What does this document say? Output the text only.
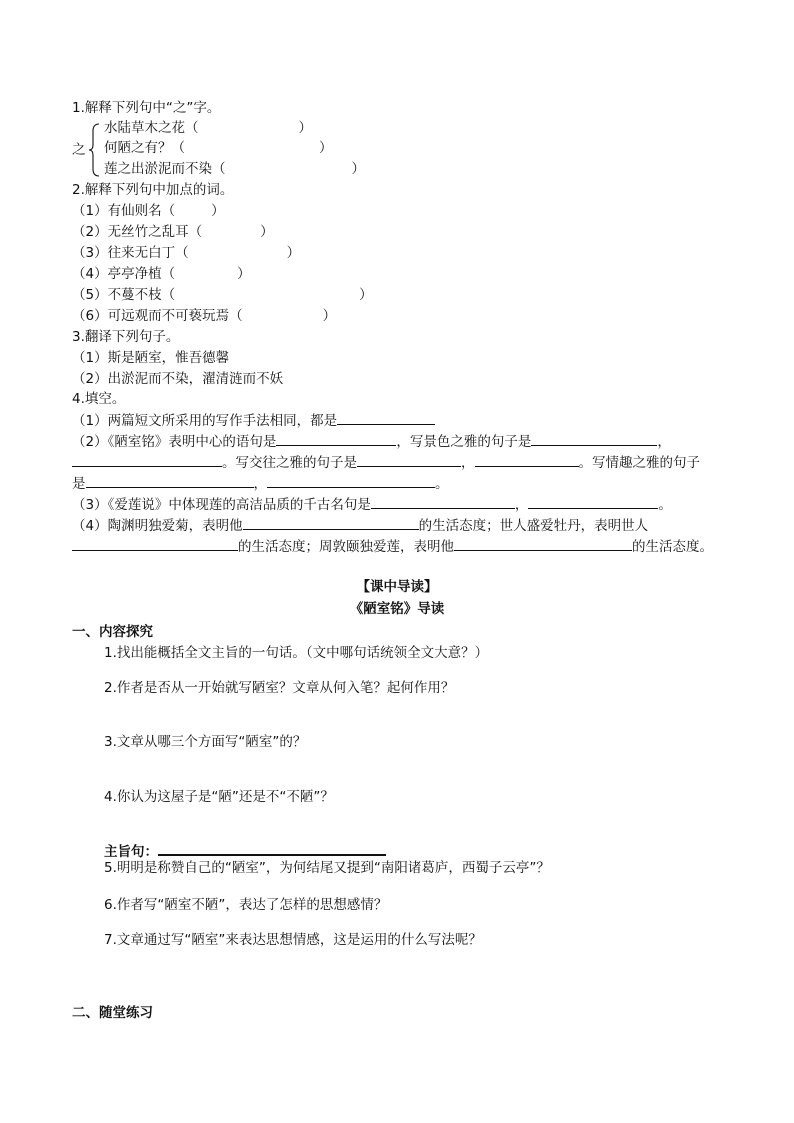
1.解释下列句中“之”字。
之
水陆草木之花（	）
何陋之有？（	）
莲之出淤泥而不染（	）
2.解释下列句中加点的词。
（1）有仙则名（	）
（2）无丝竹之乱耳（	）
（3）往来无白丁（	）
（4）亭亭净植（	）
（5）不蔓不枝（	）
（6）可远观而不可亵玩焉（	）
3.翻译下列句子。
（1）斯是陋室，惟吾德馨
（2）出淤泥而不染，濯清涟而不妖
4.填空。
（1）两篇短文所采用的写作手法相同，都是
（2）《陋室铭》表明中心的语句是	，写景色之雅的句子是	，
。写交往之雅的句子是	，	。写情趣之雅的句子
是	，	。
（3）《爱莲说》中体现莲的高洁品质的千古名句是	，	。
（4）陶渊明独爱菊，表明他	的生活态度；世人盛爱牡丹，表明世人
的生活态度；周敦颐独爱莲，表明他	的生活态度。
【课中导读】
《陋室铭》导读
一、内容探究
1.找出能概括全文主旨的一句话。（文中哪句话统领全文大意？）
2.作者是否从一开始就写陋室？文章从何入笔？起何作用？
3.文章从哪三个方面写“陋室”的？
4.你认为这屋子是“陋”还是不“不陋”？
主旨句：
5.明明是称赞自己的“陋室”，为何结尾又提到“南阳诸葛庐，西蜀子云亭”？
6.作者写“陋室不陋”，表达了怎样的思想感情？
7.文章通过写“陋室”来表达思想情感，这是运用的什么写法呢？
二、随堂练习
